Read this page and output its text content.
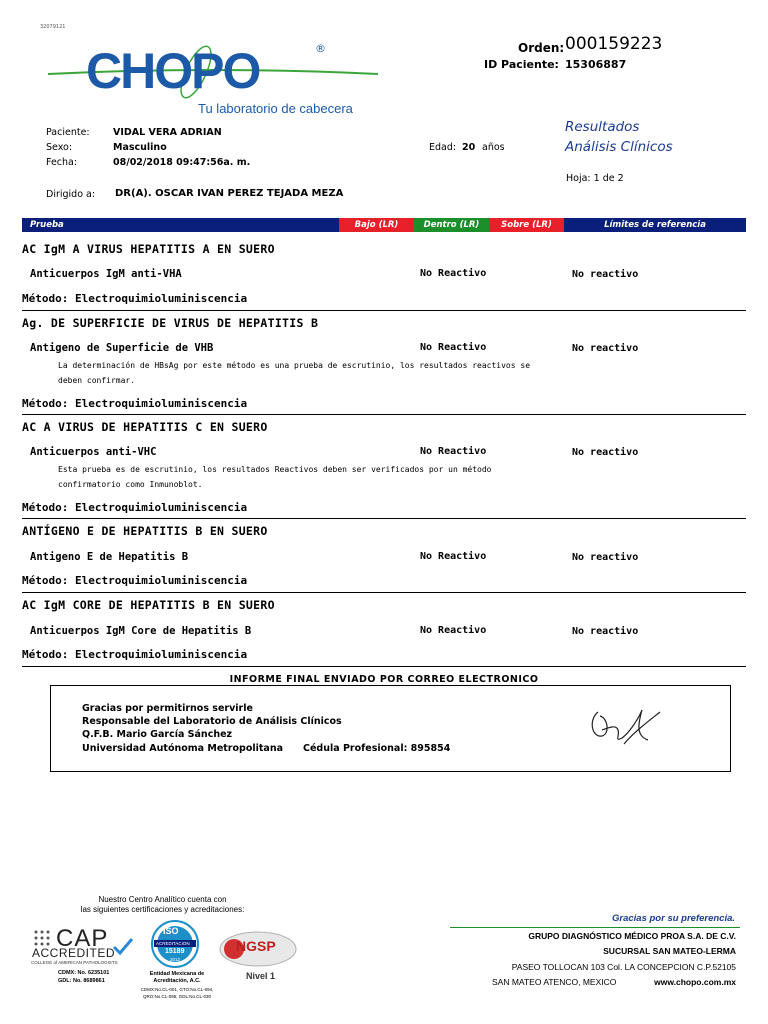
32079121
CHOPO	®
Tu laboratorio de cabecera
Orden: 000159223
ID Paciente: 15306887
Paciente: VIDAL VERA ADRIAN
Sexo:	Masculino
Fecha:	08/02/2018 09:47:56a. m.
Edad: 20 años
Dirigido a: DR(A). OSCAR IVAN PEREZ TEJADA MEZA
Resultados
Análisis Clínicos
Hoja: 1 de 2
Prueba	Bajo (LR)	Dentro (LR)	Sobre (LR)	Límites de referencia
AC IgM A VIRUS HEPATITIS A EN SUERO
Anticuerpos IgM anti-VHA	No Reactivo	No reactivo
Método: Electroquimioluminiscencia
Ag. DE SUPERFICIE DE VIRUS DE HEPATITIS B
Antigeno de Superficie de VHB	No Reactivo	No reactivo
La determinación de HBsAg por este método es una prueba de escrutinio, los resultados reactivos se
deben confirmar.
Método: Electroquimioluminiscencia
AC A VIRUS DE HEPATITIS C EN SUERO
Anticuerpos anti-VHC	No Reactivo	No reactivo
Esta prueba es de escrutinio, los resultados Reactivos deben ser verificados por un método
confirmatorio como Inmunoblot.
Método: Electroquimioluminiscencia
ANTÍGENO E DE HEPATITIS B EN SUERO
Antigeno E de Hepatitis B	No Reactivo	No reactivo
Método: Electroquimioluminiscencia
AC IgM CORE DE HEPATITIS B EN SUERO
Anticuerpos IgM Core de Hepatitis B	No Reactivo	No reactivo
Método: Electroquimioluminiscencia
INFORME FINAL ENVIADO POR CORREO ELECTRONICO
Gracias por permitirnos servirle
Responsable del Laboratorio de Análisis Clínicos
Q.F.B. Mario García Sánchez
Universidad Autónoma Metropolitana Cédula Profesional: 895854
Nuestro Centro Analítico cuenta con
las siguientes certificaciones y acreditaciones:
CAP
ACCREDITED
COLLEGE of AMERICAN PATHOLOGISTS
CDMX: No. 6235101
GDL: No. 8689861
ISO
ACREDITACION
15189
2012
Entidad Mexicana de
Acreditación, A.C.
CDMX:No.CL-001, GTO:No.CL-094,
QRO:No.CL-095, GDL:No.CL-030
NGSP
Nivel 1
Gracias por su preferencia.
GRUPO DIAGNÓSTICO MÉDICO PROA S.A. DE C.V.
SUCURSAL SAN MATEO-LERMA
PASEO TOLLOCAN 103 Col. LA CONCEPCION C.P.52105
SAN MATEO ATENCO, MEXICO	www.chopo.com.mx
